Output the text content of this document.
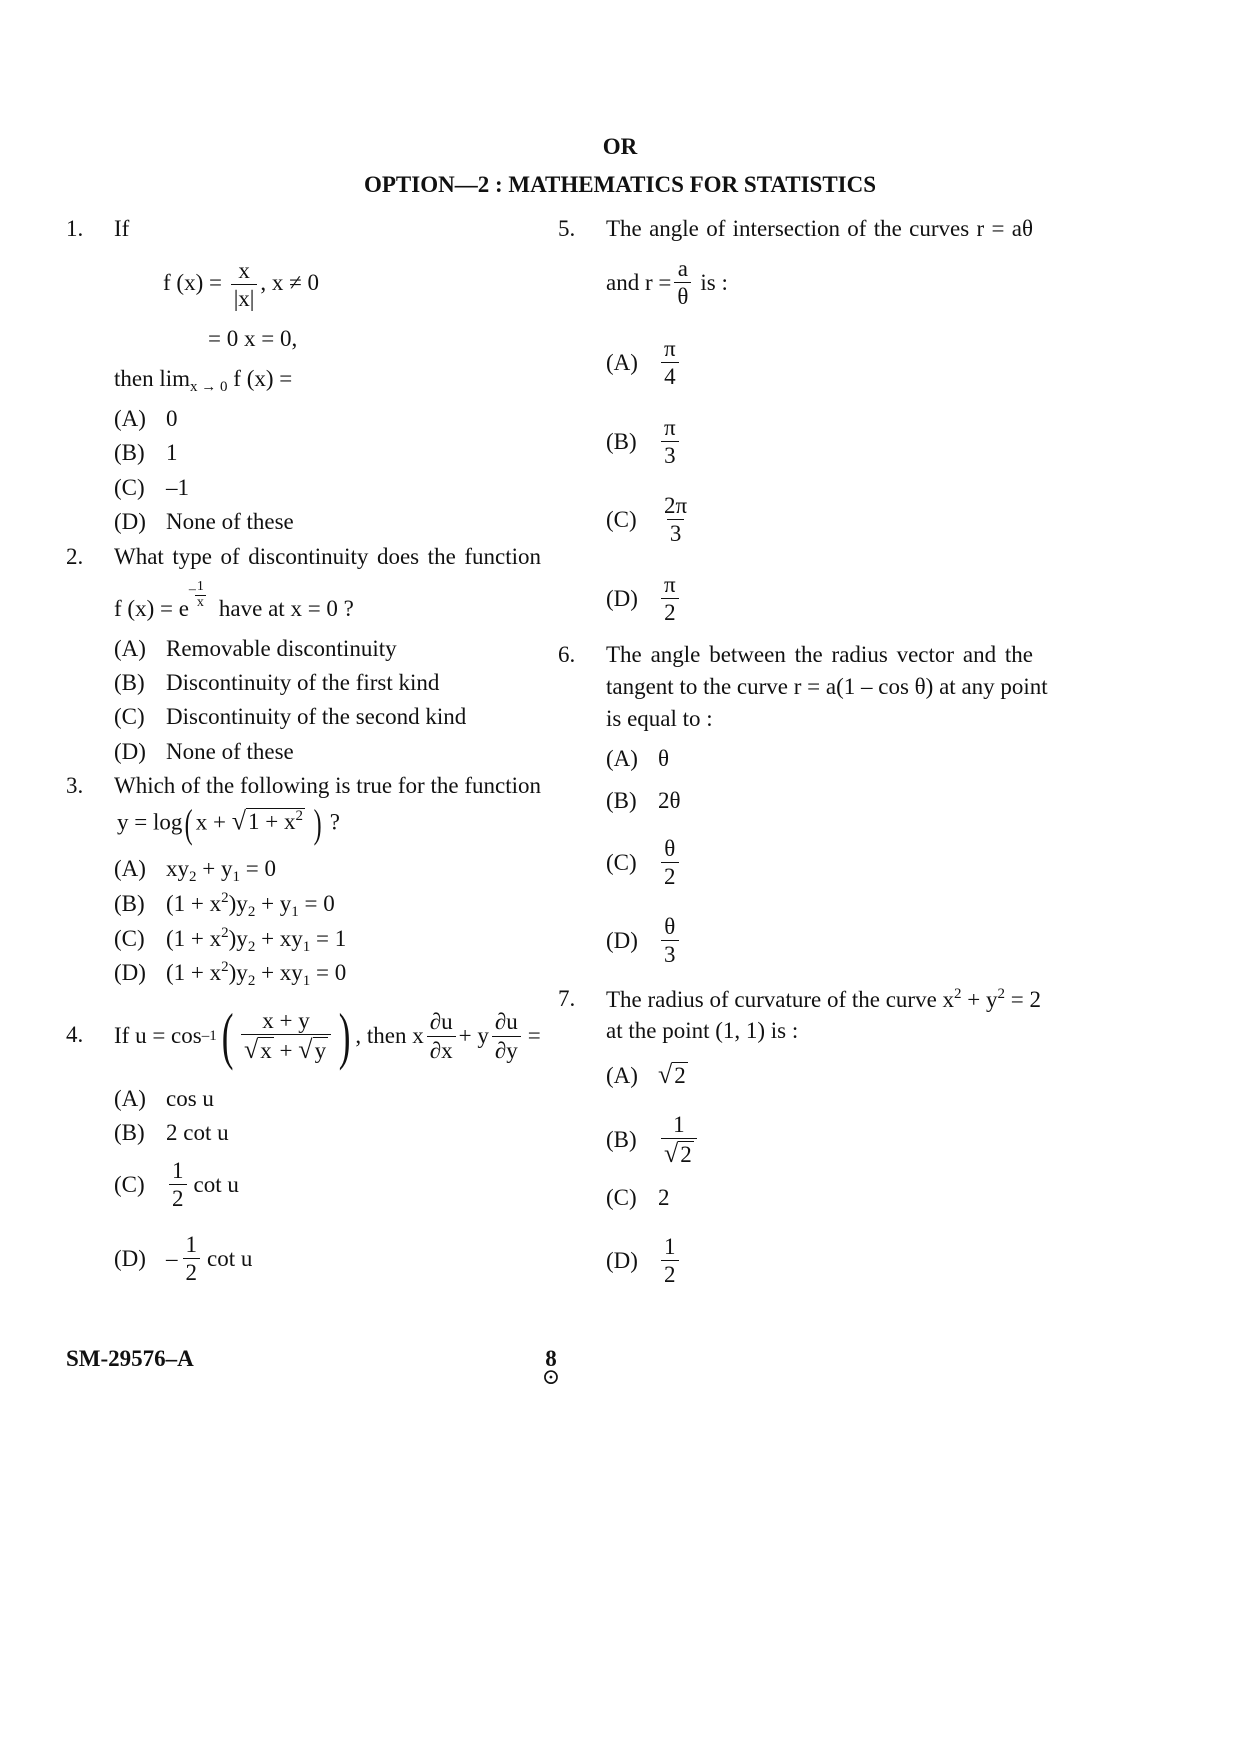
OR
OPTION—2 : MATHEMATICS FOR STATISTICS
1. If
f $(x) = \frac{x}{|x|}$ , x ≠ 0
= 0 x = 0,
then $\lim_{x \to 0} f$ (x) =
(A) 0
(B) 1
(C) –1
(D) None of these
2. What type of discontinuity does the function
f (x) = e
– 1
x have at x = 0 ?
(A) Removable discontinuity
(B) Discontinuity of the first kind
(C) Discontinuity of the second kind
(D) None of these
3. Which of the following is true for the function
y = log( $x + √1 + x^2$ ) ?
(A) $xy_2 + y_1 = 0$
(B) $(1 + x^2)y_2 + y_1 = 0$
(C) $(1 + x^2)y_2 + xy_1 = 1$
(D) $(1 + x^2)y_2 + xy_1 = 0$
4. If u = cos –1 ( $\frac{x + y}{√x + √y}$ ) , then x $\frac{\partial u}{\partial x} + y \frac{\partial u}{\partial y}$ =
(A) cos u
(B) 2 cot u
(C)	$\frac{1}{2}$ cot u
$(D) - \frac{1}{2}$ cot u
5. The angle of intersection of the curves r = aθ
and $r = \frac{a}{\theta}$ is :
(A)	$\frac{\pi}{4}$
(B)	$\frac{\pi}{3}$
(C)	$\frac{2\pi}{3}$
(D)	$\frac{\pi}{2}$
6. The angle between the radius vector and the
tangent to the curve r = a(1 – cos θ) at any point
is equal to :
(A) θ
(B) 2θ
(C)	$\frac{\theta}{2}$
(D)	$\frac{\theta}{3}$
7. The radius of curvature of the curve $x^2 + y^2 = 2$
at the point (1, 1) is :
(A) √2
(B)	$\frac{1}{√2}$
(C) 2
(D)	$\frac{1}{2}$
SM-29576–A	8
⊙
